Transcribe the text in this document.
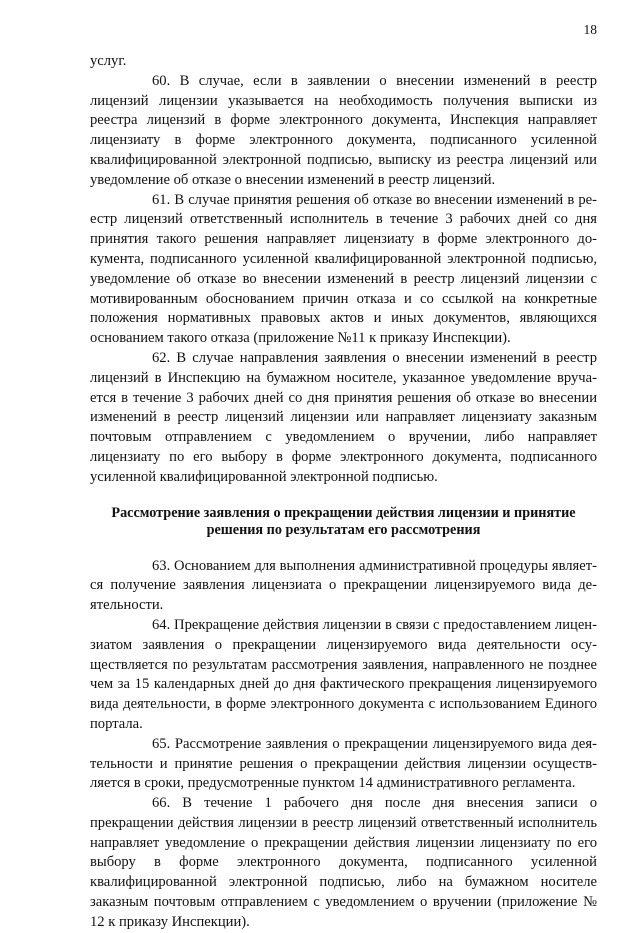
18

услуг.

60. В случае, если в заявлении о внесении изменений в реестр лицензий лицензии указывается на необходимость получения выписки из реестра лицензий в форме электронного документа, Инспекция направляет лицензиату в форме электронного документа, подписанного усиленной квалифицированной электронной подписью, выписку из реестра лицензий или уведомление об отказе о внесении изменений в реестр лицензий.

61. В случае принятия решения об отказе во внесении изменений в реестр лицензий ответственный исполнитель в течение 3 рабочих дней со дня принятия такого решения направляет лицензиату в форме электронного документа, подписанного усиленной квалифицированной электронной подписью, уведомление об отказе во внесении изменений в реестр лицензий лицензии с мотивированным обоснованием причин отказа и со ссылкой на конкретные положения нормативных правовых актов и иных документов, являющихся основанием такого отказа (приложение №11 к приказу Инспекции).

62. В случае направления заявления о внесении изменений в реестр лицензий в Инспекцию на бумажном носителе, указанное уведомление вручается в течение 3 рабочих дней со дня принятия решения об отказе во внесении изменений в реестр лицензий лицензии или направляет лицензиату заказным почтовым отправлением с уведомлением о вручении, либо направляет лицензиату по его выбору в форме электронного документа, подписанного усиленной квалифицированной электронной подписью.

Рассмотрение заявления о прекращении действия лицензии и принятие решения по результатам его рассмотрения

63. Основанием для выполнения административной процедуры является получение заявления лицензиата о прекращении лицензируемого вида деятельности.

64. Прекращение действия лицензии в связи с предоставлением лицензиатом заявления о прекращении лицензируемого вида деятельности осуществляется по результатам рассмотрения заявления, направленного не позднее чем за 15 календарных дней до дня фактического прекращения лицензируемого вида деятельности, в форме электронного документа с использованием Единого портала.

65. Рассмотрение заявления о прекращении лицензируемого вида деятельности и принятие решения о прекращении действия лицензии осуществляется в сроки, предусмотренные пунктом 14 административного регламента.

66. В течение 1 рабочего дня после дня внесения записи о прекращении действия лицензии в реестр лицензий ответственный исполнитель направляет уведомление о прекращении действия лицензии лицензиату по его выбору в форме электронного документа, подписанного усиленной квалифицированной электронной подписью, либо на бумажном носителе заказным почтовым отправлением с уведомлением о вручении (приложение № 12 к приказу Инспекции).
